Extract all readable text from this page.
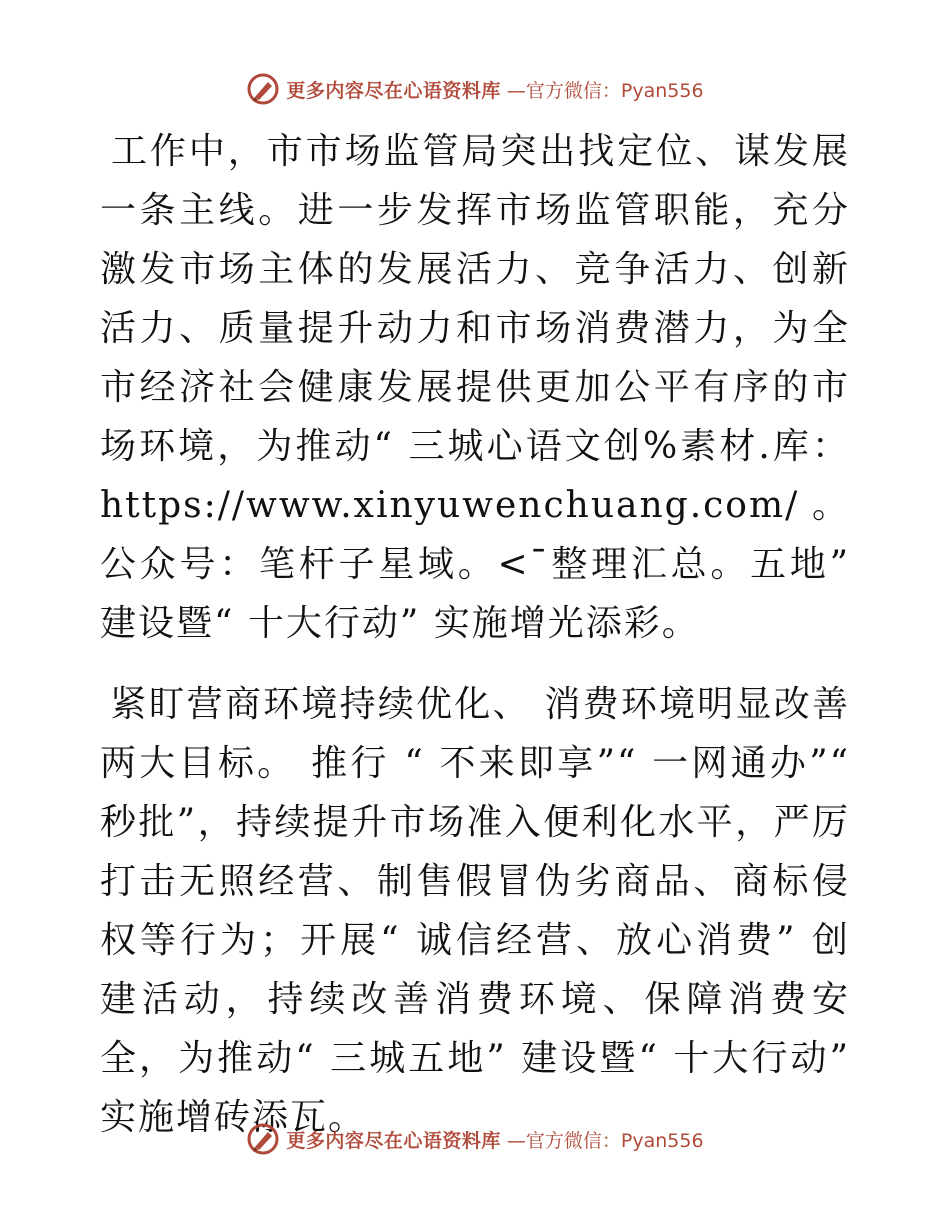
更多内容尽在心语资料库 —官方微信：Pyan556

工作中，市市场监管局突出找定位、谋发展一条主线。进一步发挥市场监管职能，充分激发市场主体的发展活力、竞争活力、创新活力、质量提升动力和市场消费潜力，为全市经济社会健康发展提供更加公平有序的市场环境，为推动“ 三城心语文创%素材.库：https://www.xinyuwenchuang.com/。公众号：笔杆子星域。<¯整理汇总。五地” 建设暨“ 十大行动” 实施增光添彩。

紧盯营商环境持续优化、 消费环境明显改善两大目标。 推行 “ 不来即享”“ 一网通办”“ 秒批”，持续提升市场准入便利化水平，严厉打击无照经营、制售假冒伪劣商品、商标侵权等行为；开展“ 诚信经营、放心消费” 创建活动，持续改善消费环境、保障消费安全，为推动“ 三城五地” 建设暨“ 十大行动” 实施增砖添瓦。

更多内容尽在心语资料库 —官方微信：Pyan556
